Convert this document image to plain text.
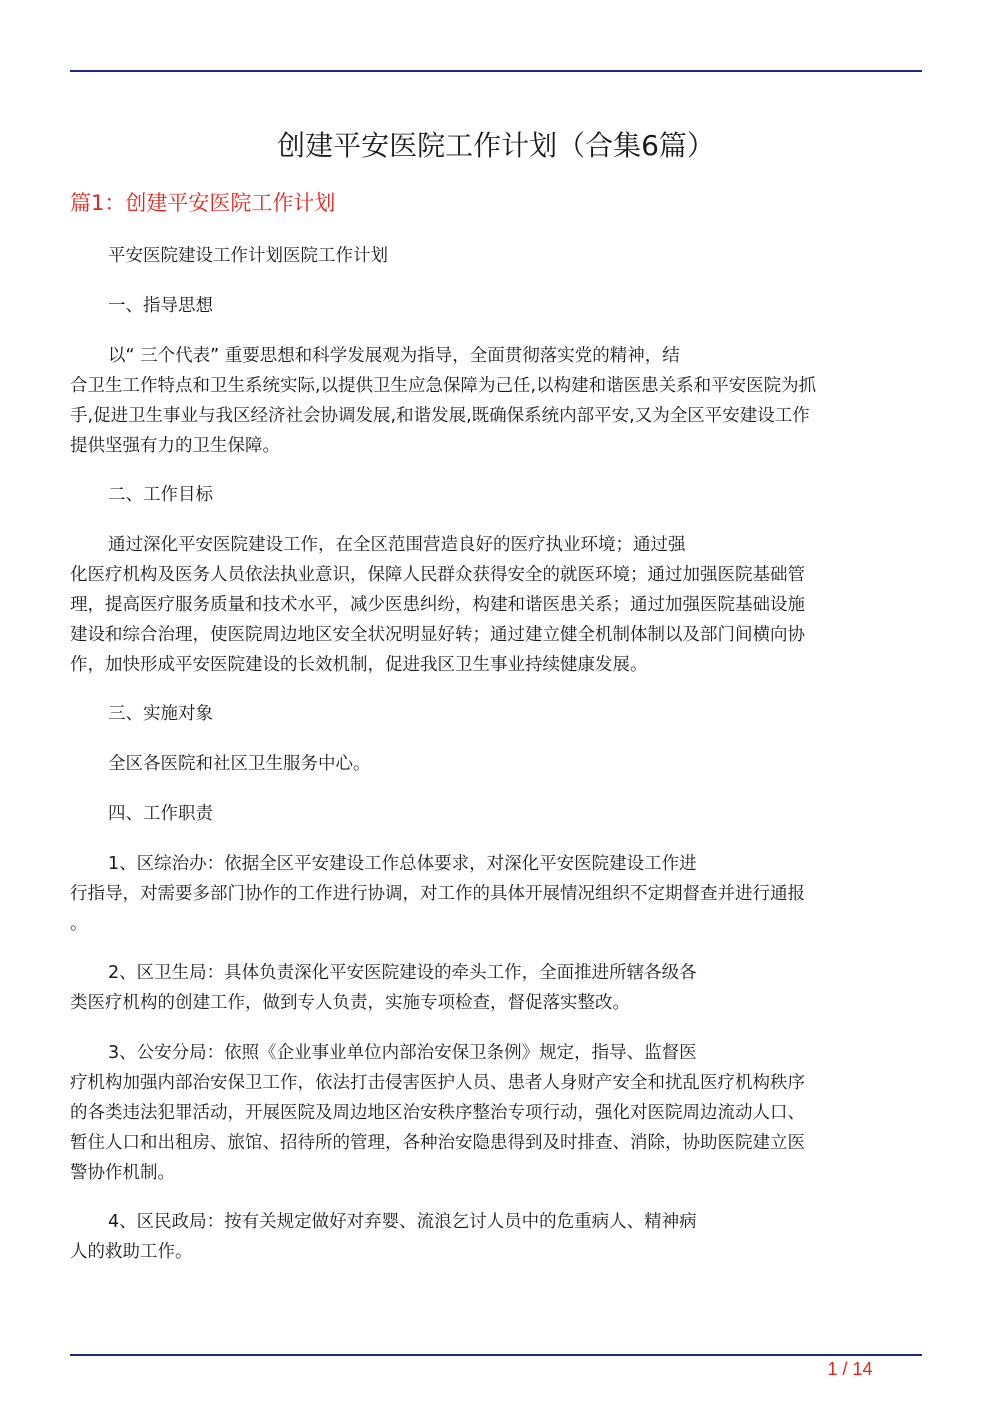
创建平安医院工作计划（合集6篇）
篇1：创建平安医院工作计划
平安医院建设工作计划医院工作计划
一、指导思想
以“ 三个代表” 重要思想和科学发展观为指导，全面贯彻落实党的精神，结
合卫生工作特点和卫生系统实际,以提供卫生应急保障为己任,以构建和谐医患关系和平安医院为抓
手,促进卫生事业与我区经济社会协调发展,和谐发展,既确保系统内部平安,又为全区平安建设工作
提供坚强有力的卫生保障。
二、工作目标
通过深化平安医院建设工作，在全区范围营造良好的医疗执业环境；通过强
化医疗机构及医务人员依法执业意识，保障人民群众获得安全的就医环境；通过加强医院基础管
理，提高医疗服务质量和技术水平，减少医患纠纷，构建和谐医患关系；通过加强医院基础设施
建设和综合治理，使医院周边地区安全状况明显好转；通过建立健全机制体制以及部门间横向协
作，加快形成平安医院建设的长效机制，促进我区卫生事业持续健康发展。
三、实施对象
全区各医院和社区卫生服务中心。
四、工作职责
1、区综治办：依据全区平安建设工作总体要求，对深化平安医院建设工作进
行指导，对需要多部门协作的工作进行协调，对工作的具体开展情况组织不定期督查并进行通报
。
2、区卫生局：具体负责深化平安医院建设的牵头工作，全面推进所辖各级各
类医疗机构的创建工作，做到专人负责，实施专项检查，督促落实整改。
3、公安分局：依照《企业事业单位内部治安保卫条例》规定，指导、监督医
疗机构加强内部治安保卫工作，依法打击侵害医护人员、患者人身财产安全和扰乱医疗机构秩序
的各类违法犯罪活动，开展医院及周边地区治安秩序整治专项行动，强化对医院周边流动人口、
暂住人口和出租房、旅馆、招待所的管理，各种治安隐患得到及时排查、消除，协助医院建立医
警协作机制。
4、区民政局：按有关规定做好对弃婴、流浪乞讨人员中的危重病人、精神病
人的救助工作。
1 / 14
